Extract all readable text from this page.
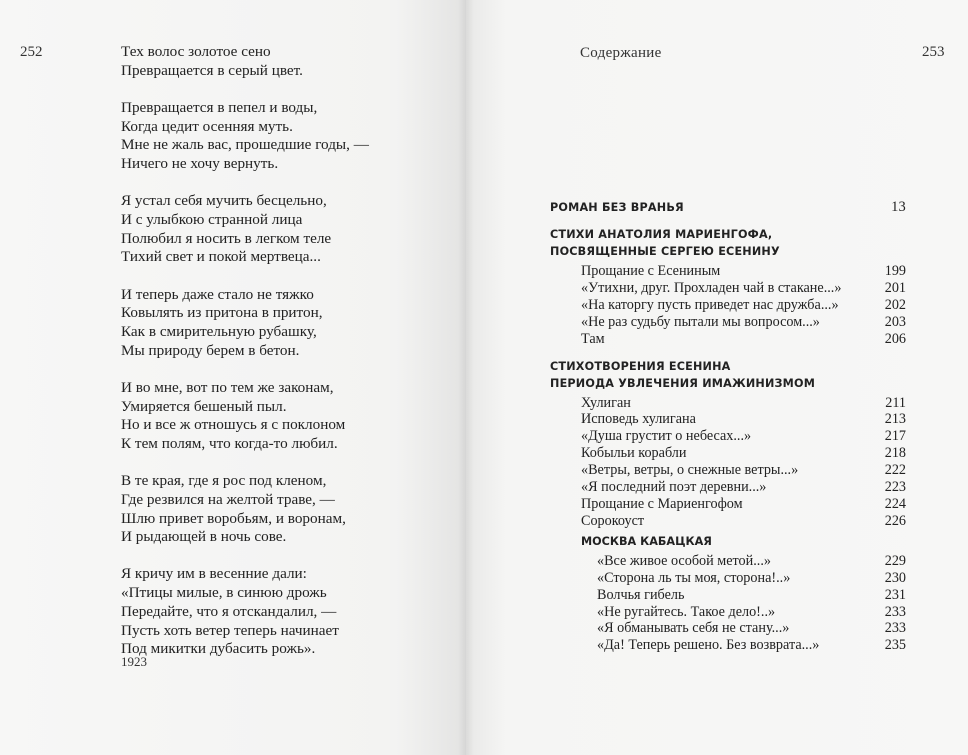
252	253
Содержание
Тех волос золотое сено
Превращается в серый цвет.
Превращается в пепел и воды,
Когда цедит осенняя муть.
Мне не жаль вас, прошедшие годы, —
Ничего не хочу вернуть.
Я устал себя мучить бесцельно,
И с улыбкою странной лица
Полюбил я носить в легком теле
Тихий свет и покой мертвеца...
И теперь даже стало не тяжко
Ковылять из притона в притон,
Как в смирительную рубашку,
Мы природу берем в бетон.
И во мне, вот по тем же законам,
Умиряется бешеный пыл.
Но и все ж отношусь я с поклоном
К тем полям, что когда-то любил.
В те края, где я рос под кленом,
Где резвился на желтой траве, —
Шлю привет воробьям, и воронам,
И рыдающей в ночь сове.
Я кричу им в весенние дали:
«Птицы милые, в синюю дрожь
Передайте, что я отскандалил, —
Пусть хоть ветер теперь начинает
Под микитки дубасить рожь».
1923
РОМАН БЕЗ ВРАНЬЯ	13
СТИХИ АНАТОЛИЯ МАРИЕНГОФА,
ПОСВЯЩЕННЫЕ СЕРГЕЮ ЕСЕНИНУ
Прощание с Есениным	199
«Утихни, друг. Прохладен чай в стакане...»	201
«На каторгу пусть приведет нас дружба...»	202
«Не раз судьбу пытали мы вопросом...»	203
Там	206
СТИХОТВОРЕНИЯ ЕСЕНИНА
ПЕРИОДА УВЛЕЧЕНИЯ ИМАЖИНИЗМОМ
Хулиган	211
Исповедь хулигана	213
«Душа грустит о небесах...»	217
Кобыльи корабли	218
«Ветры, ветры, о снежные ветры...»	222
«Я последний поэт деревни...»	223
Прощание с Мариенгофом	224
Сорокоуст	226
МОСКВА КАБАЦКАЯ
«Все живое особой метой...»	229
«Сторона ль ты моя, сторона!..»	230
Волчья гибель	231
«Не ругайтесь. Такое дело!..»	233
«Я обманывать себя не стану...»	233
«Да! Теперь решено. Без возврата...»	235
